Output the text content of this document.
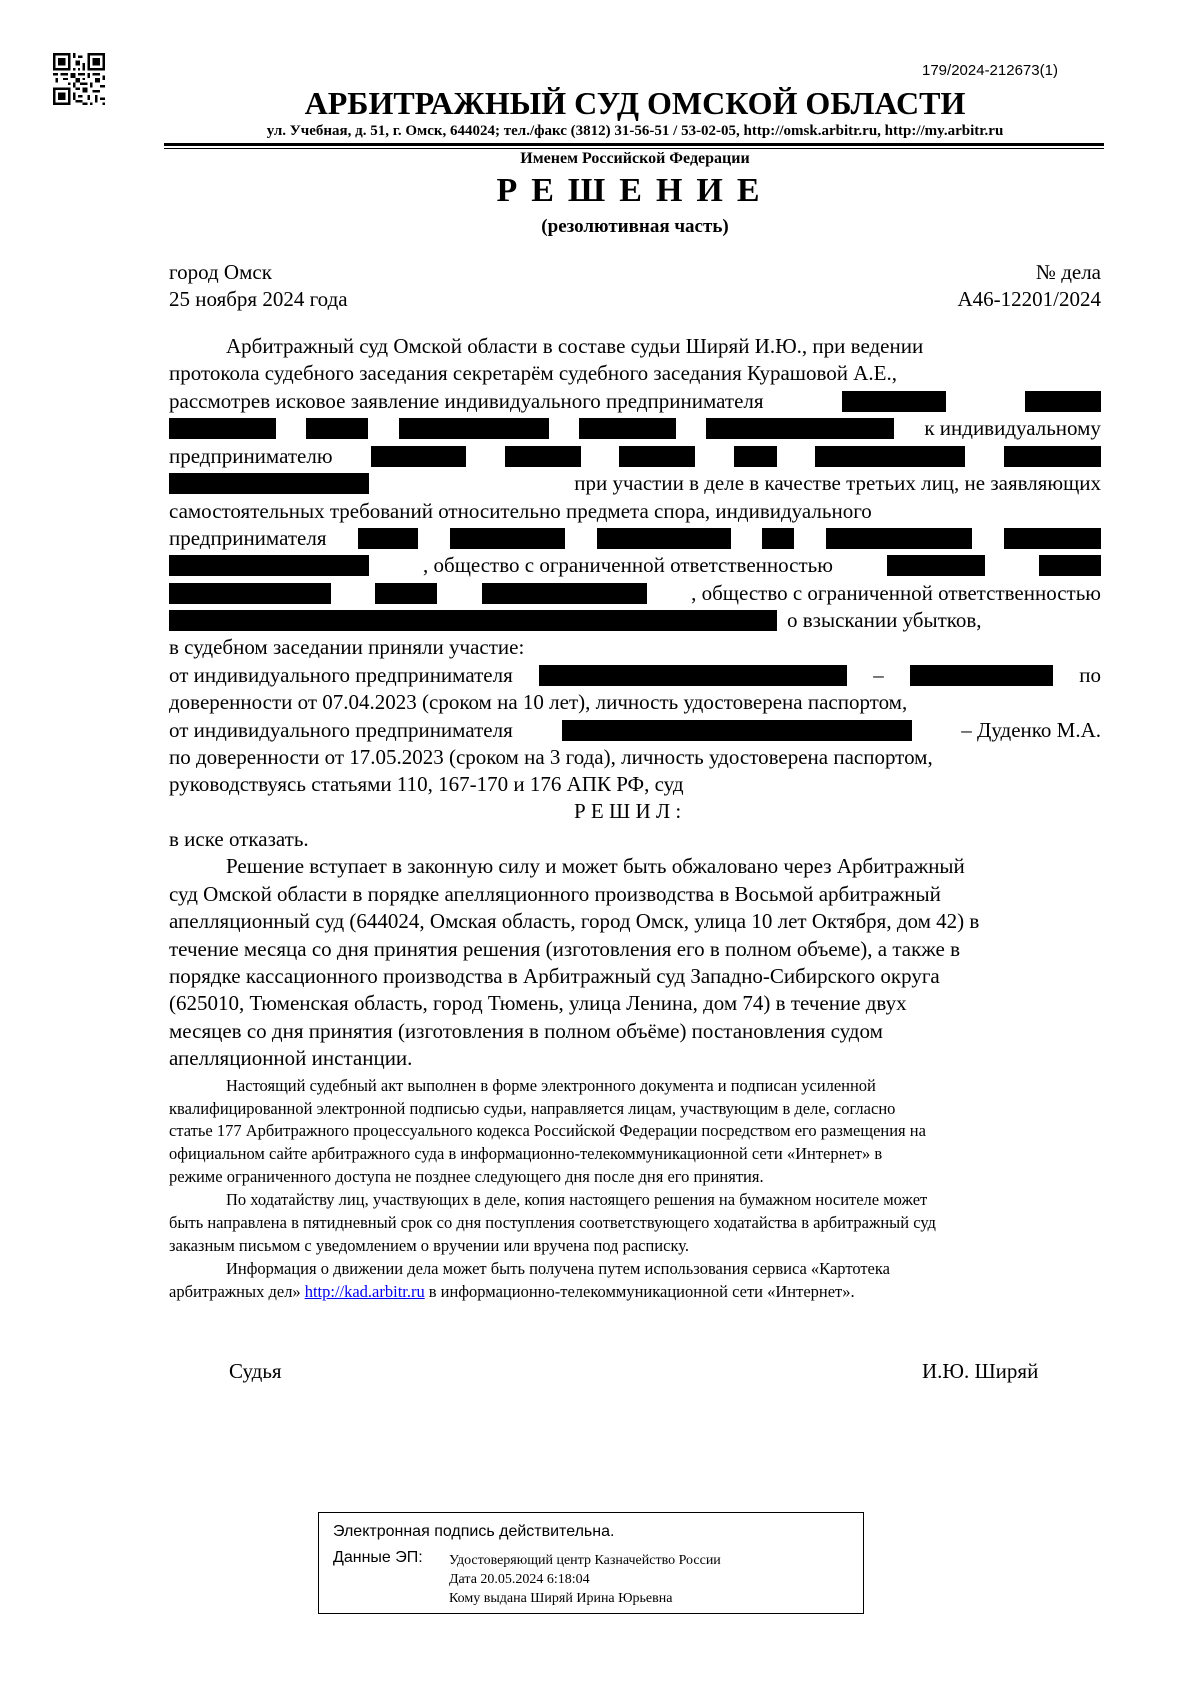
179/2024-212673(1)
АРБИТРАЖНЫЙ СУД ОМСКОЙ ОБЛАСТИ
ул. Учебная, д. 51, г. Омск, 644024; тел./факс (3812) 31-56-51 / 53-02-05, http://omsk.arbitr.ru, http://my.arbitr.ru
Именем Российской Федерации
РЕШЕНИЕ
(резолютивная часть)
город Омск	№ дела
25 ноября 2024 года	А46-12201/2024
Арбитражный суд Омской области в составе судьи Ширяй И.Ю., при ведении
протокола судебного заседания секретарём судебного заседания Курашовой А.Е.,
рассмотрев исковое заявление индивидуального предпринимателя
к индивидуальному
предпринимателю
при участии в деле в качестве третьих лиц, не заявляющих
самостоятельных требований относительно предмета спора, индивидуального
предпринимателя
, общество с ограниченной ответственностью
, общество с ограниченной ответственностью
о взыскании убытков,
в судебном заседании приняли участие:
от индивидуального предпринимателя	–	по
доверенности от 07.04.2023 (сроком на 10 лет), личность удостоверена паспортом,
от индивидуального предпринимателя	– Дуденко М.А.
по доверенности от 17.05.2023 (сроком на 3 года), личность удостоверена паспортом,
руководствуясь статьями 110, 167-170 и 176 АПК РФ, суд
Р Е Ш И Л :
в иске отказать.
Решение вступает в законную силу и может быть обжаловано через Арбитражный
суд Омской области в порядке апелляционного производства в Восьмой арбитражный
апелляционный суд (644024, Омская область, город Омск, улица 10 лет Октября, дом 42) в
течение месяца со дня принятия решения (изготовления его в полном объеме), а также в
порядке кассационного производства в Арбитражный суд Западно-Сибирского округа
(625010, Тюменская область, город Тюмень, улица Ленина, дом 74) в течение двух
месяцев со дня принятия (изготовления в полном объёме) постановления судом
апелляционной инстанции.
Настоящий судебный акт выполнен в форме электронного документа и подписан усиленной
квалифицированной электронной подписью судьи, направляется лицам, участвующим в деле, согласно
статье 177 Арбитражного процессуального кодекса Российской Федерации посредством его размещения на
официальном сайте арбитражного суда в информационно-телекоммуникационной сети «Интернет» в
режиме ограниченного доступа не позднее следующего дня после дня его принятия.
По ходатайству лиц, участвующих в деле, копия настоящего решения на бумажном носителе может
быть направлена в пятидневный срок со дня поступления соответствующего ходатайства в арбитражный суд
заказным письмом с уведомлением о вручении или вручена под расписку.
Информация о движении дела может быть получена путем использования сервиса «Картотека
арбитражных дел» http://kad.arbitr.ru в информационно-телекоммуникационной сети «Интернет».
Судья	И.Ю. Ширяй
Электронная подпись действительна.
Данные ЭП: Удостоверяющий центр Казначейство России
Дата 20.05.2024 6:18:04
Кому выдана Ширяй Ирина Юрьевна
